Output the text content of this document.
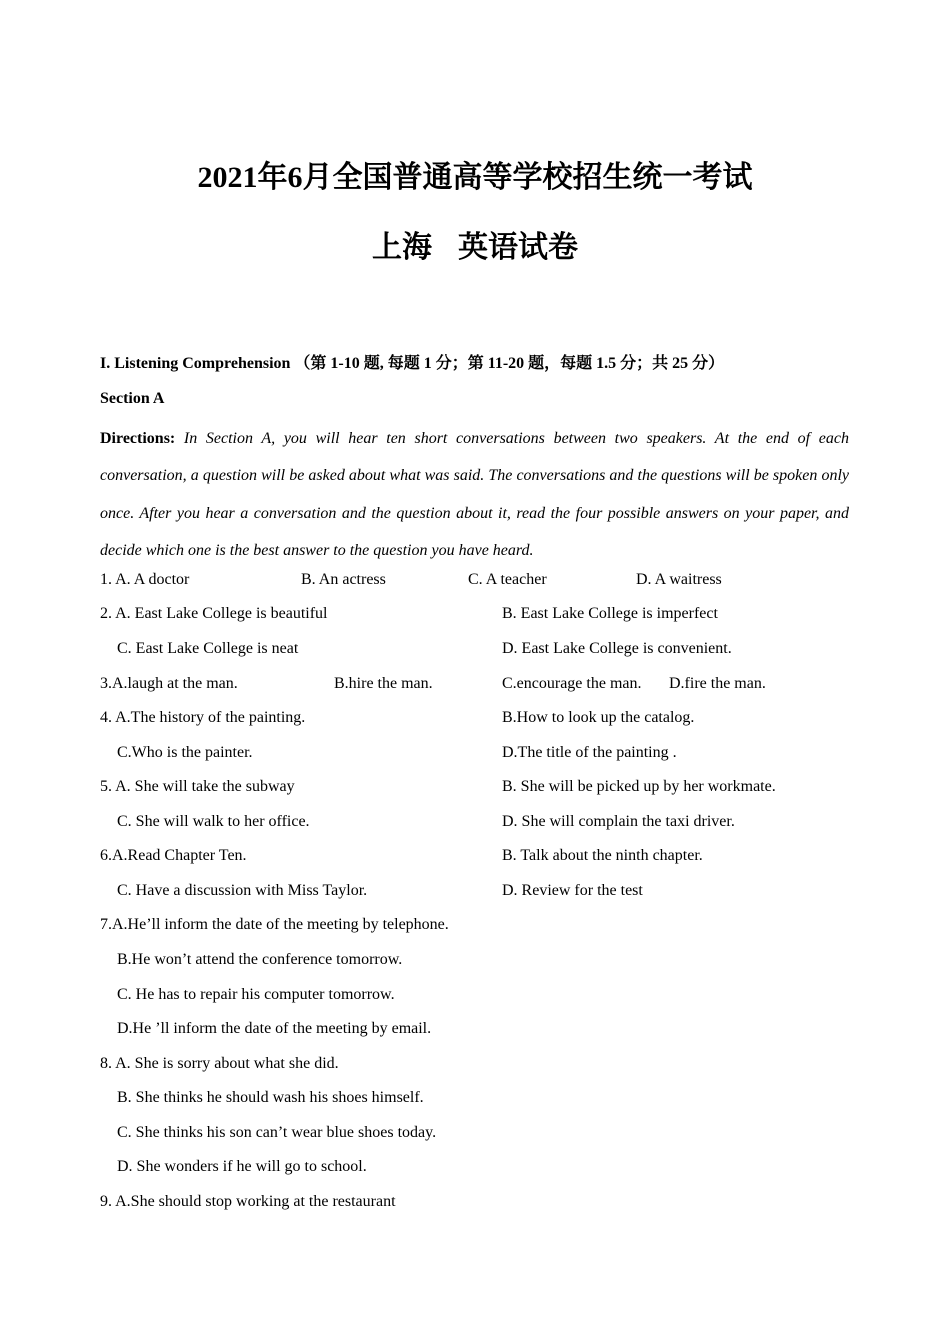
2021年6月全国普通高等学校招生统一考试
上海 英语试卷
I. Listening Comprehension （第 1-10 题, 每题 1 分；第 11-20 题，每题 1.5 分；共 25 分）
Section A
Directions: In Section A, you will hear ten short conversations between two speakers. At the end of each conversation, a question will be asked about what was said. The conversations and the questions will be spoken only once. After you hear a conversation and the question about it, read the four possible answers on your paper, and decide which one is the best answer to the question you have heard.
1. A. A doctor	B. An actress	C. A teacher	D. A waitress
2. A. East Lake College is beautiful	B. East Lake College is imperfect
C. East Lake College is neat	D. East Lake College is convenient.
3.A.laugh at the man.	B.hire the man.	C.encourage the man. D.fire the man.
4. A.The history of the painting.	B.How to look up the catalog.
C.Who is the painter.	D.The title of the painting .
5. A. She will take the subway	B. She will be picked up by her workmate.
C. She will walk to her office.	D. She will complain the taxi driver.
6.A.Read Chapter Ten.	B. Talk about the ninth chapter.
C. Have a discussion with Miss Taylor.	D. Review for the test
7.A.He’ll inform the date of the meeting by telephone.
B.He won’t attend the conference tomorrow.
C. He has to repair his computer tomorrow.
D.He ’ll inform the date of the meeting by email.
8. A. She is sorry about what she did.
B. She thinks he should wash his shoes himself.
C. She thinks his son can’t wear blue shoes today.
D. She wonders if he will go to school.
9. A.She should stop working at the restaurant
